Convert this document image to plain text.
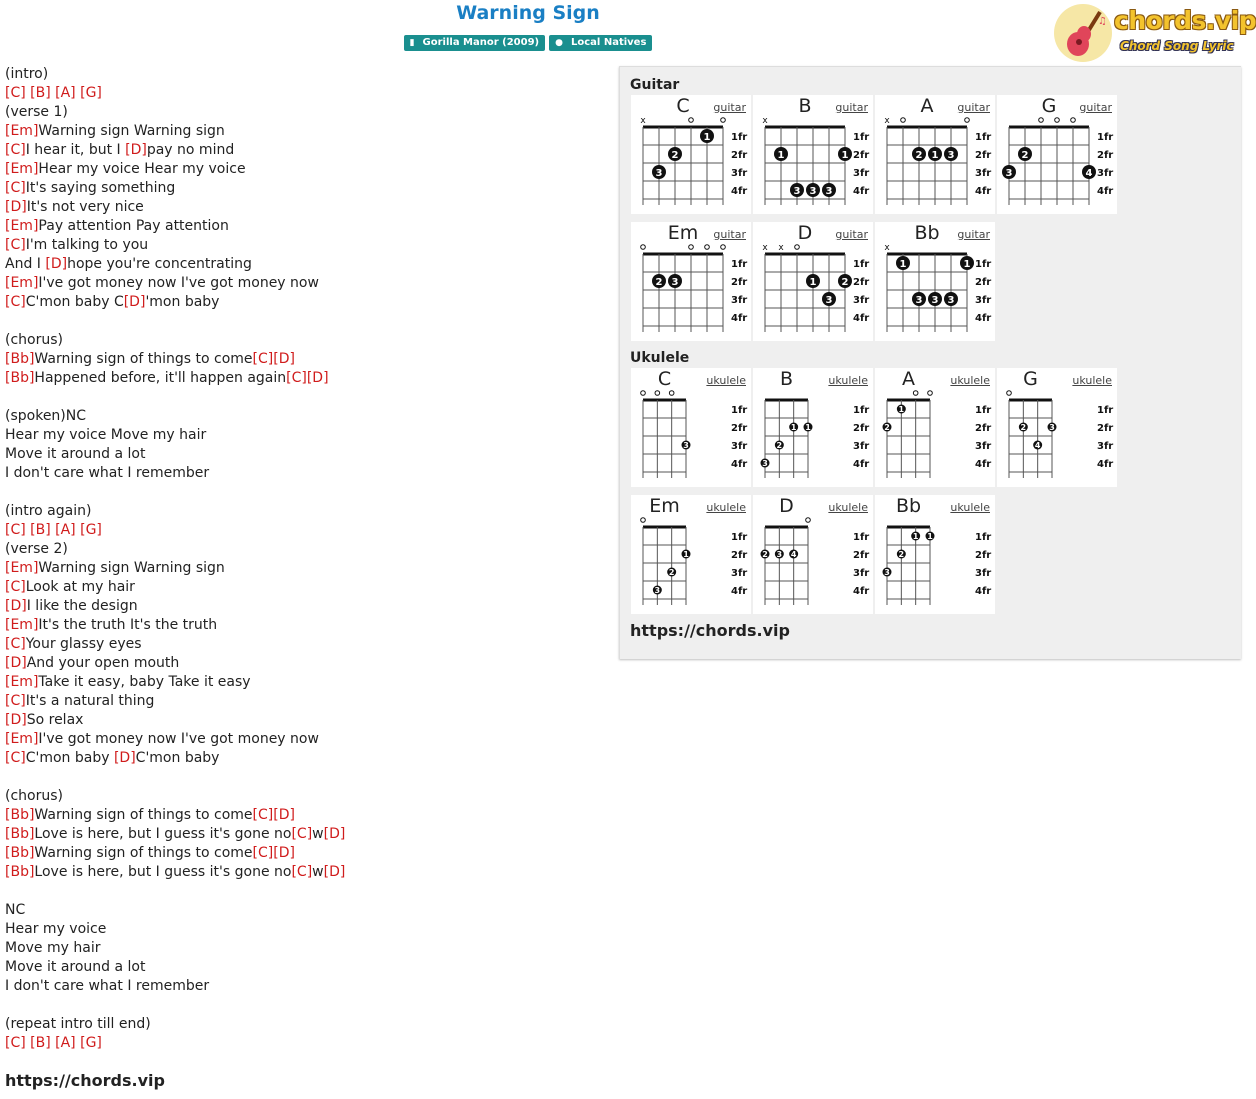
Warning Sign
▮ Gorilla Manor (2009) ● Local Natives
♫ chords.vip
Chord Song Lyric
(intro)
[C] [B] [A] [G]
(verse 1)
[Em]Warning sign Warning sign
[C]I hear it, but I [D]pay no mind
[Em]Hear my voice Hear my voice
[C]It's saying something
[D]It's not very nice
[Em]Pay attention Pay attention
[C]I'm talking to you
And I [D]hope you're concentrating
[Em]I've got money now I've got money now
[C]C'mon baby C[D]'mon baby
(chorus)
[Bb]Warning sign of things to come[C][D]
[Bb]Happened before, it'll happen again[C][D]
(spoken)NC
Hear my voice Move my hair
Move it around a lot
I don't care what I remember
(intro again)
[C] [B] [A] [G]
(verse 2)
[Em]Warning sign Warning sign
[C]Look at my hair
[D]I like the design
[Em]It's the truth It's the truth
[C]Your glassy eyes
[D]And your open mouth
[Em]Take it easy, baby Take it easy
[C]It's a natural thing
[D]So relax
[Em]I've got money now I've got money now
[C]C'mon baby [D]C'mon baby
(chorus)
[Bb]Warning sign of things to come[C][D]
[Bb]Love is here, but I guess it's gone no[C]w[D]
[Bb]Warning sign of things to come[C][D]
[Bb]Love is here, but I guess it's gone no[C]w[D]
NC
Hear my voice
Move my hair
Move it around a lot
I don't care what I remember
(repeat intro till end)
[C] [B] [A] [G]
https://chords.vip
Guitar
C	guitar
x
1fr
2fr
3fr
4fr
1
2
3
B	guitar
x
1fr
2fr
3fr
4fr
1	1
3 3 3
A	guitar
x
1fr
2fr
3fr
4fr
2 1 3
G	guitar
1fr
2fr
3fr
4fr
2
3	4
Em	guitar
1fr
2fr
3fr
4fr
2 3
D	guitar
x x
1fr
2fr
3fr
4fr
1	2
3
Bb	guitar
x
1fr
2fr
3fr
4fr
1	1
3 3 3
Ukulele
C	ukulele
1fr
2fr
3fr
4fr
3
B	ukulele
1fr
2fr
3fr
4fr
1 1
2
3
A	ukulele
1fr
2fr
3fr
4fr
1
2
G	ukulele
1fr
2fr
3fr
4fr
2	3
4
Em	ukulele
1fr
2fr
3fr
4fr
1
2
3
D	ukulele
1fr
2fr
3fr
4fr
2 3 4
Bb	ukulele
1fr
2fr
3fr
4fr
1 1
2
3
https://chords.vip
